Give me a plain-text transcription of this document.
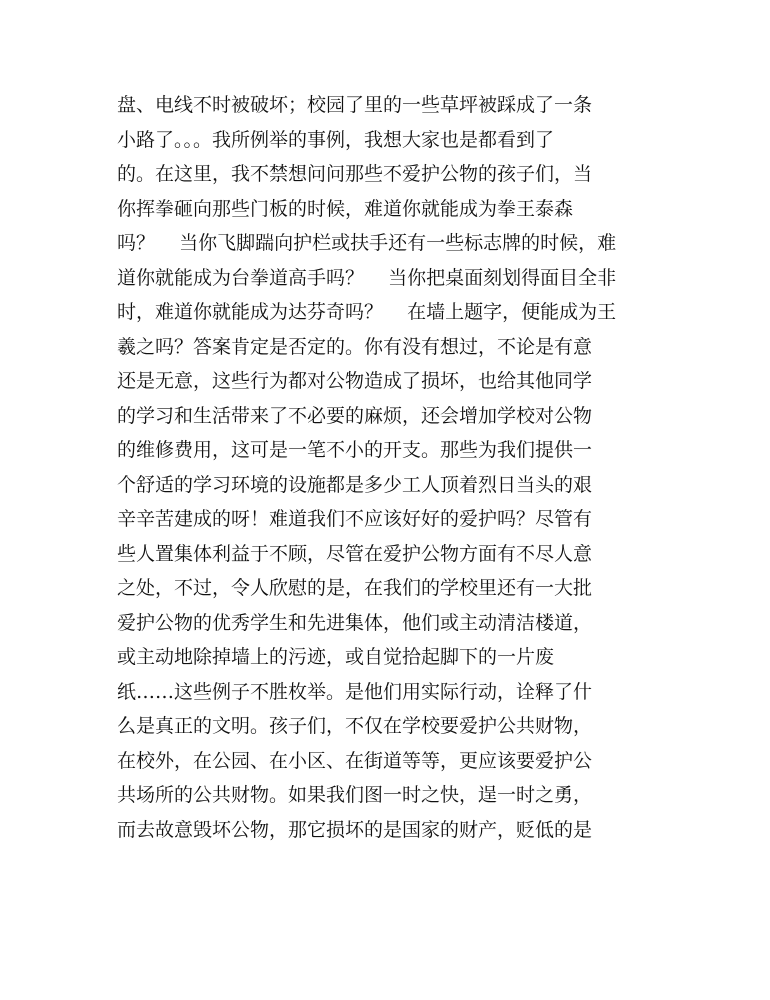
盘、电线不时被破坏；校园了里的一些草坪被踩成了一条
小路了。。。我所例举的事例，我想大家也是都看到了
的。在这里，我不禁想问问那些不爱护公物的孩子们，当
你挥拳砸向那些门板的时候，难道你就能成为拳王泰森
吗？    当你飞脚踹向护栏或扶手还有一些标志牌的时候，难
道你就能成为台拳道高手吗？    当你把桌面刻划得面目全非
时，难道你就能成为达芬奇吗？    在墙上题字，便能成为王
羲之吗？答案肯定是否定的。你有没有想过，不论是有意
还是无意，这些行为都对公物造成了损坏，也给其他同学
的学习和生活带来了不必要的麻烦，还会增加学校对公物
的维修费用，这可是一笔不小的开支。那些为我们提供一
个舒适的学习环境的设施都是多少工人顶着烈日当头的艰
辛辛苦建成的呀！难道我们不应该好好的爱护吗？尽管有
些人置集体利益于不顾，尽管在爱护公物方面有不尽人意
之处，不过，令人欣慰的是，在我们的学校里还有一大批
爱护公物的优秀学生和先进集体，他们或主动清洁楼道，
或主动地除掉墙上的污迹，或自觉拾起脚下的一片废
纸……这些例子不胜枚举。是他们用实际行动，诠释了什
么是真正的文明。孩子们，不仅在学校要爱护公共财物，
在校外，在公园、在小区、在街道等等，更应该要爱护公
共场所的公共财物。如果我们图一时之快，逞一时之勇，
而去故意毁坏公物，那它损坏的是国家的财产，贬低的是
